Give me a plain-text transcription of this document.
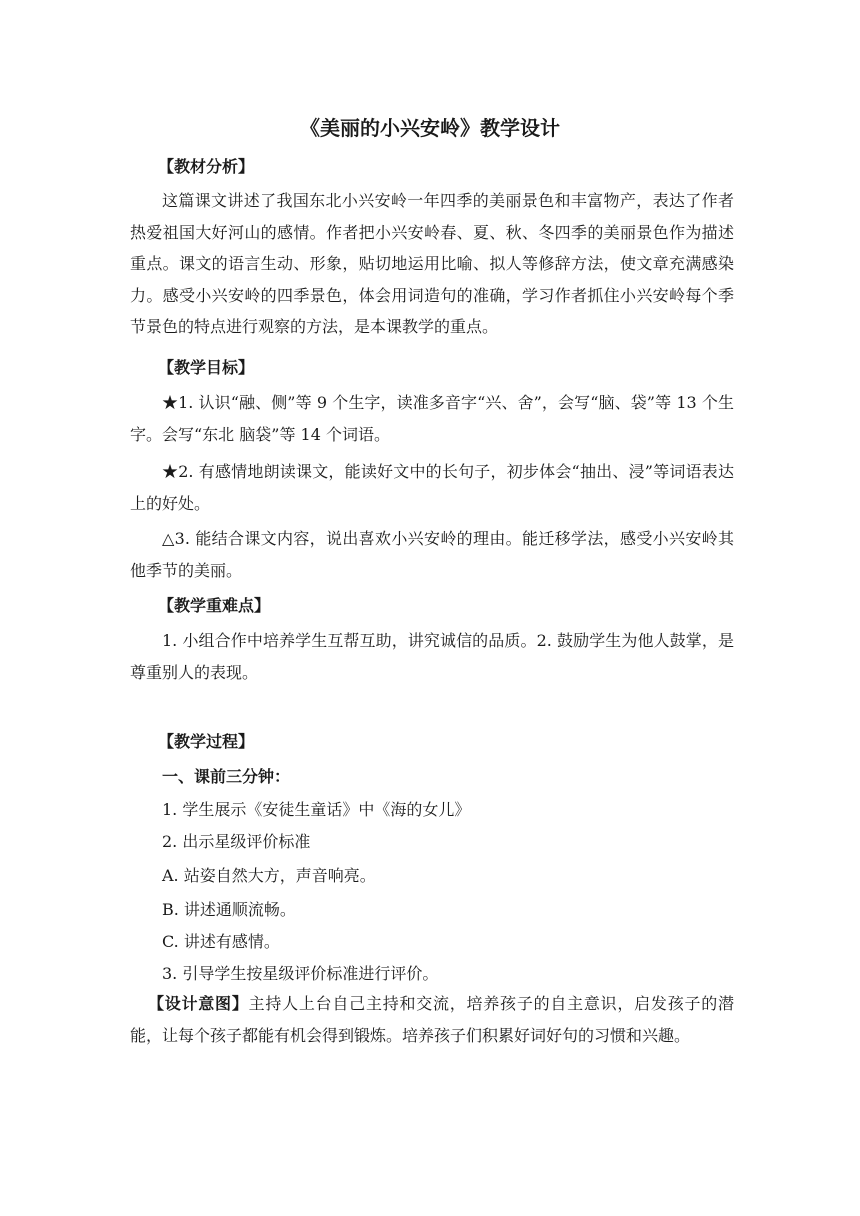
《美丽的小兴安岭》教学设计
【教材分析】
这篇课文讲述了我国东北小兴安岭一年四季的美丽景色和丰富物产，表达了作者热爱祖国大好河山的感情。作者把小兴安岭春、夏、秋、冬四季的美丽景色作为描述重点。课文的语言生动、形象，贴切地运用比喻、拟人等修辞方法，使文章充满感染力。感受小兴安岭的四季景色，体会用词造句的准确，学习作者抓住小兴安岭每个季节景色的特点进行观察的方法，是本课教学的重点。
【教学目标】
★1. 认识“融、侧”等 9 个生字，读准多音字“兴、舍”，会写“脑、袋”等 13 个生字。会写“东北 脑袋”等 14 个词语。
★2. 有感情地朗读课文，能读好文中的长句子，初步体会“抽出、浸”等词语表达上的好处。
△3. 能结合课文内容，说出喜欢小兴安岭的理由。能迁移学法，感受小兴安岭其他季节的美丽。
【教学重难点】
1. 小组合作中培养学生互帮互助，讲究诚信的品质。2. 鼓励学生为他人鼓掌，是尊重别人的表现。
【教学过程】
一、课前三分钟：
1. 学生展示《安徒生童话》中《海的女儿》
2. 出示星级评价标准
A. 站姿自然大方，声音响亮。
B. 讲述通顺流畅。
C. 讲述有感情。
3. 引导学生按星级评价标准进行评价。
【设计意图】主持人上台自己主持和交流，培养孩子的自主意识，启发孩子的潜能，让每个孩子都能有机会得到锻炼。培养孩子们积累好词好句的习惯和兴趣。
